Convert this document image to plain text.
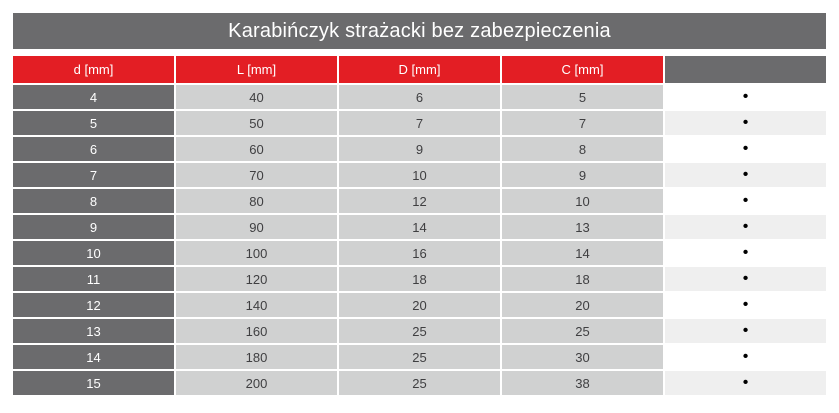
Karabińczyk strażacki bez zabezpieczenia
d [mm]	L [mm]	D [mm]	C [mm]
4	40	6	5	•
5	50	7	7	•
6	60	9	8	•
7	70	10	9	•
8	80	12	10	•
9	90	14	13	•
10	100	16	14	•
11	120	18	18	•
12	140	20	20	•
13	160	25	25	•
14	180	25	30	•
15	200	25	38	•
